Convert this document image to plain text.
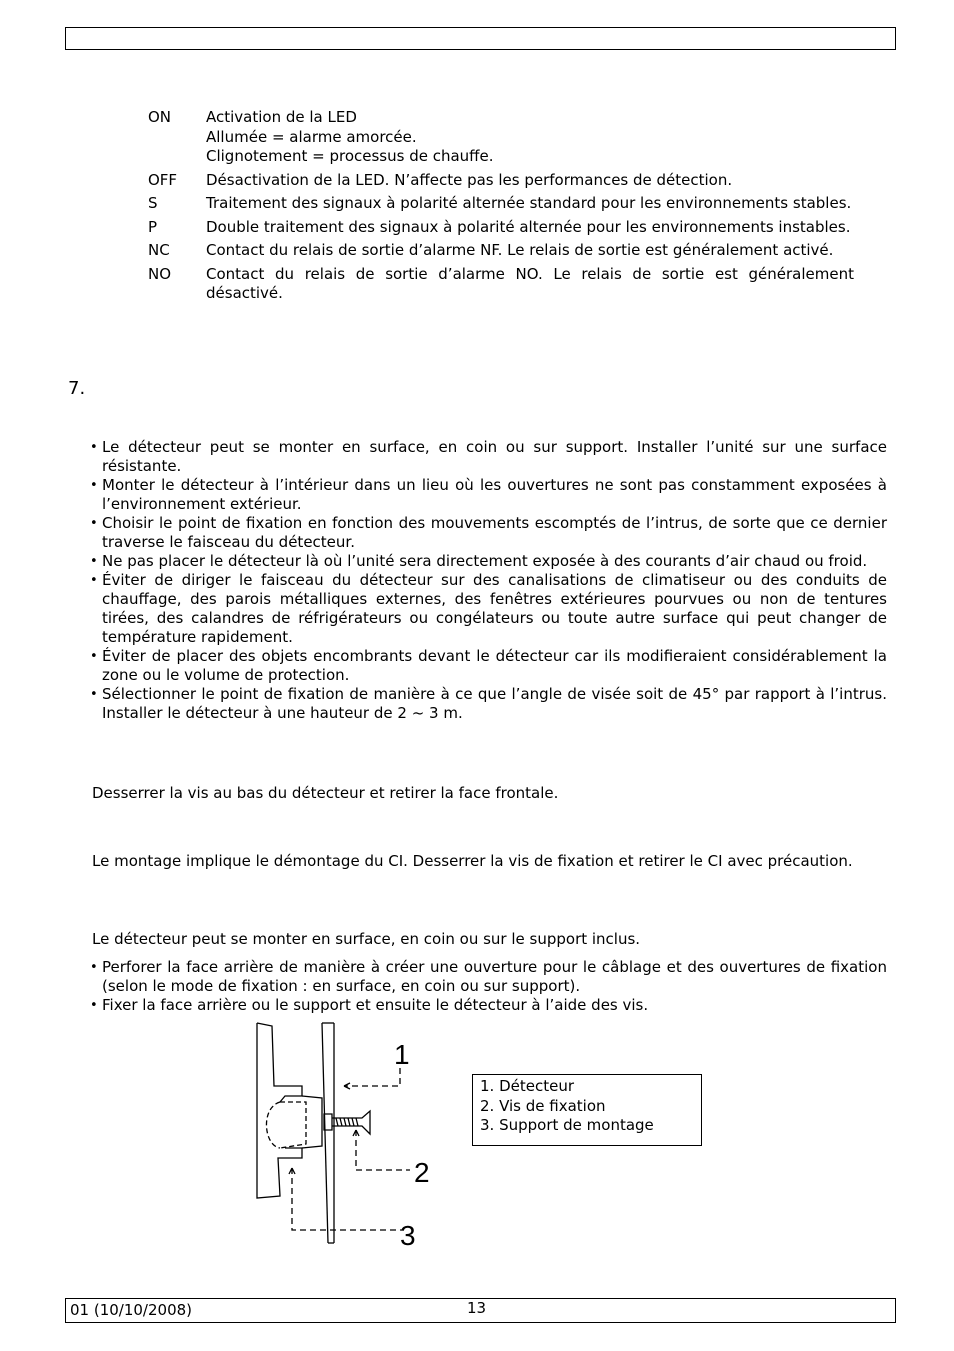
ON	Activation de la LED
Allumée = alarme amorcée.
Clignotement = processus de chauffe.
OFF	Désactivation de la LED. N’affecte pas les performances de détection.
S	Traitement des signaux à polarité alternée standard pour les environnements stables.
P	Double traitement des signaux à polarité alternée pour les environnements instables.
NC	Contact du relais de sortie d’alarme NF. Le relais de sortie est généralement activé.
NO	Contact du relais de sortie d’alarme NO. Le relais de sortie est généralement désactivé.
7.
• Le détecteur peut se monter en surface, en coin ou sur support. Installer l’unité sur une surface résistante.
• Monter le détecteur à l’intérieur dans un lieu où les ouvertures ne sont pas constamment exposées à l’environnement extérieur.
• Choisir le point de fixation en fonction des mouvements escomptés de l’intrus, de sorte que ce dernier traverse le faisceau du détecteur.
• Ne pas placer le détecteur là où l’unité sera directement exposée à des courants d’air chaud ou froid.
• Éviter de diriger le faisceau du détecteur sur des canalisations de climatiseur ou des conduits de chauffage, des parois métalliques externes, des fenêtres extérieures pourvues ou non de tentures tirées, des calandres de réfrigérateurs ou congélateurs ou toute autre surface qui peut changer de température rapidement.
• Éviter de placer des objets encombrants devant le détecteur car ils modifieraient considérablement la zone ou le volume de protection.
• Sélectionner le point de fixation de manière à ce que l’angle de visée soit de 45° par rapport à l’intrus. Installer le détecteur à une hauteur de 2 ~ 3 m.
Desserrer la vis au bas du détecteur et retirer la face frontale.
Le montage implique le démontage du CI. Desserrer la vis de fixation et retirer le CI avec précaution.
Le détecteur peut se monter en surface, en coin ou sur le support inclus.
• Perforer la face arrière de manière à créer une ouverture pour le câblage et des ouvertures de fixation (selon le mode de fixation : en surface, en coin ou sur support).
• Fixer la face arrière ou le support et ensuite le détecteur à l’aide des vis.
1
2
3
1. Détecteur
2. Vis de fixation
3. Support de montage
01 (10/10/2008)	13
